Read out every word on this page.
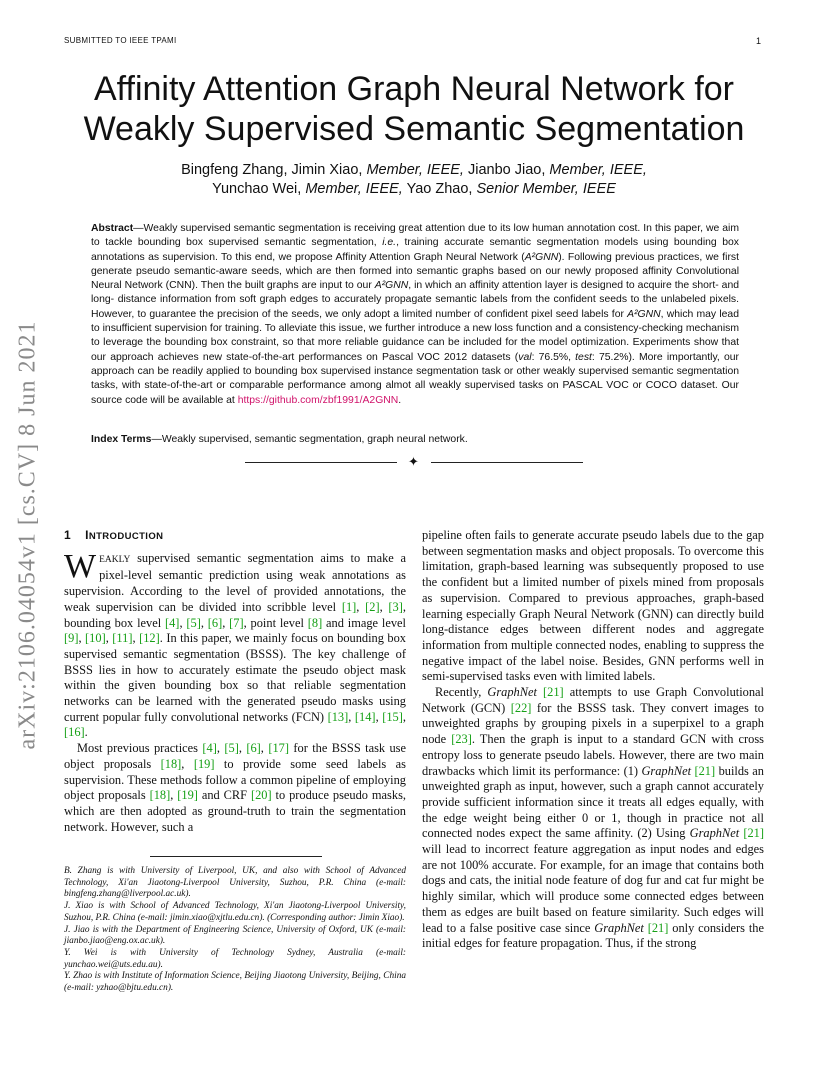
SUBMITTED TO IEEE TPAMI	1
Affinity Attention Graph Neural Network for
Weakly Supervised Semantic Segmentation
Bingfeng Zhang, Jimin Xiao, Member, IEEE, Jianbo Jiao, Member, IEEE,
Yunchao Wei, Member, IEEE, Yao Zhao, Senior Member, IEEE
Abstract—Weakly supervised semantic segmentation is receiving great attention due to its low human annotation cost. In this paper, we aim to tackle bounding box supervised semantic segmentation, i.e., training accurate semantic segmentation models using bounding box annotations as supervision. To this end, we propose Affinity Attention Graph Neural Network (A²GNN). Following previous practices, we first generate pseudo semantic-aware seeds, which are then formed into semantic graphs based on our newly proposed affinity Convolutional Neural Network (CNN). Then the built graphs are input to our A²GNN, in which an affinity attention layer is designed to acquire the short- and long- distance information from soft graph edges to accurately propagate semantic labels from the confident seeds to the unlabeled pixels. However, to guarantee the precision of the seeds, we only adopt a limited number of confident pixel seed labels for A²GNN, which may lead to insufficient supervision for training. To alleviate this issue, we further introduce a new loss function and a consistency-checking mechanism to leverage the bounding box constraint, so that more reliable guidance can be included for the model optimization. Experiments show that our approach achieves new state-of-the-art performances on Pascal VOC 2012 datasets (val: 76.5%, test: 75.2%). More importantly, our approach can be readily applied to bounding box supervised instance segmentation task or other weakly supervised semantic segmentation tasks, with state-of-the-art or comparable performance among almot all weakly supervised tasks on PASCAL VOC or COCO dataset. Our source code will be available at https://github.com/zbf1991/A2GNN.
Index Terms—Weakly supervised, semantic segmentation, graph neural network.
✦
arXiv:2106.04054v1 [cs.CV] 8 Jun 2021 1 INTRODUCTION

WEAKLY supervised semantic segmentation aims to make a pixel-level semantic prediction using weak annotations as supervision. According to the level of provided annotations, the weak supervision can be divided into scribble level [1], [2], [3], bounding box level [4], [5], [6], [7], point level [8] and image level [9], [10], [11], [12]. In this paper, we mainly focus on bounding box supervised semantic segmentation (BSSS). The key challenge of BSSS lies in how to accurately estimate the pseudo object mask within the given bounding box so that reliable segmentation networks can be learned with the generated pseudo masks using current popular fully convolutional networks (FCN) [13], [14], [15], [16].

Most previous practices [4], [5], [6], [17] for the BSSS task use object proposals [18], [19] to provide some seed labels as supervision. These methods follow a common pipeline of employing object proposals [18], [19] and CRF [20] to produce pseudo masks, which are then adopted as ground-truth to train the segmentation network. However, such a

B. Zhang is with University of Liverpool, UK, and also with School of Advanced Technology, Xi'an Jiaotong-Liverpool University, Suzhou, P.R. China (e-mail: bingfeng.zhang@liverpool.ac.uk).

J. Xiao is with School of Advanced Technology, Xi'an Jiaotong-Liverpool University, Suzhou, P.R. China (e-mail: jimin.xiao@xjtlu.edu.cn). (Corresponding author: Jimin Xiao).

J. Jiao is with the Department of Engineering Science, University of Oxford, UK (e-mail: jianbo.jiao@eng.ox.ac.uk).

Y. Wei is with University of Technology Sydney, Australia (e-mail: yunchao.wei@uts.edu.au).

Y. Zhao is with Institute of Information Science, Beijing Jiaotong University, Beijing, China (e-mail: yzhao@bjtu.edu.cn).

pipeline often fails to generate accurate pseudo labels due to the gap between segmentation masks and object proposals. To overcome this limitation, graph-based learning was subsequently proposed to use the confident but a limited number of pixels mined from proposals as supervision. Compared to previous approaches, graph-based learning especially Graph Neural Network (GNN) can directly build long-distance edges between different nodes and aggregate information from multiple connected nodes, enabling to suppress the negative impact of the label noise. Besides, GNN performs well in semi-supervised tasks even with limited labels.

Recently, GraphNet [21] attempts to use Graph Convolutional Network (GCN) [22] for the BSSS task. They convert images to unweighted graphs by grouping pixels in a superpixel to a graph node [23]. Then the graph is input to a standard GCN with cross entropy loss to generate pseudo labels. However, there are two main drawbacks which limit its performance: (1) GraphNet [21] builds an unweighted graph as input, however, such a graph cannot accurately provide sufficient information since it treats all edges equally, with the edge weight being either 0 or 1, though in practice not all connected nodes expect the same affinity. (2) Using GraphNet [21] will lead to incorrect feature aggregation as input nodes and edges are not 100% accurate. For example, for an image that contains both dogs and cats, the initial node feature of dog fur and cat fur might be highly similar, which will produce some connected edges between them as edges are built based on feature similarity. Such edges will lead to a false positive case since GraphNet [21] only considers the initial edges for feature propagation. Thus, if the strong
